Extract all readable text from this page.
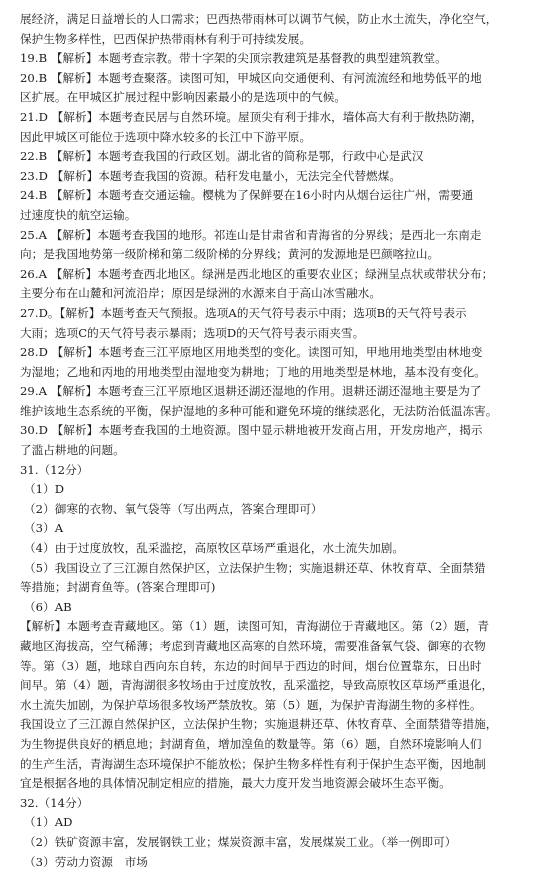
展经济，满足日益增长的人口需求；巴西热带雨林可以调节气候，防止水土流失，净化空气，

保护生物多样性，巴西保护热带雨林有利于可持续发展。

19.B 【解析】本题考查宗教。带十字架的尖顶宗教建筑是基督教的典型建筑教堂。

20.B 【解析】本题考查聚落。读图可知，甲城区向交通便利、有河流流经和地势低平的地

区扩展。在甲城区扩展过程中影响因素最小的是选项中的气候。

21.D 【解析】本题考查民居与自然环境。屋顶尖有利于排水，墙体高大有利于散热防潮，

因此甲城区可能位于选项中降水较多的长江中下游平原。

22.B 【解析】本题考查我国的行政区划。湖北省的简称是鄂，行政中心是武汉

23.D 【解析】本题考查我国的资源。秸秆发电量小，无法完全代替燃煤。

24.B 【解析】本题考查交通运输。樱桃为了保鲜要在16小时内从烟台运往广州，需要通

过速度快的航空运输。

25.A 【解析】本题考查我国的地形。祁连山是甘肃省和青海省的分界线；是西北一东南走

向；是我国地势第一级阶梯和第二级阶梯的分界线；黄河的发源地是巴颜喀拉山。

26.A 【解析】本题考查西北地区。绿洲是西北地区的重要农业区；绿洲呈点状或带状分布；

主要分布在山麓和河流沿岸；原因是绿洲的水源来自于高山冰雪融水。

27.D。【解析】本题考查天气预报。选项A的天气符号表示中雨；选项B的天气符号表示

大雨；选项C的天气符号表示暴雨；选项D的天气符号表示雨夹雪。

28.D 【解析】本题考查三江平原地区用地类型的变化。读图可知，甲地用地类型由林地变

为湿地；乙地和丙地的用地类型由湿地变为耕地；丁地的用地类型是林地，基本没有变化。

29.A 【解析】本题考查三江平原地区退耕还湖还湿地的作用。退耕还湖还湿地主要是为了

维护该地生态系统的平衡，保护湿地的多种可能和避免环境的继续恶化，无法防治低温冻害。

30.D 【解析】本题考查我国的土地资源。图中显示耕地被开发商占用，开发房地产，揭示

了滥占耕地的问题。

31.（12分）

（1）D

（2）御寒的衣物、氧气袋等（写出两点，答案合理即可）

（3）A

（4）由于过度放牧，乱采滥挖，高原牧区草场严重退化，水土流失加剧。

（5）我国设立了三江源自然保护区，立法保护生物；实施退耕还草、休牧育草、全面禁猎

等措施；封湖育鱼等。(答案合理即可)

（6）AB

【解析】本题考查青藏地区。第（1）题，读图可知，青海湖位于青藏地区。第（2）题，青

藏地区海拔高，空气稀薄；考虑到青藏地区高寒的自然环境，需要准备氧气袋、御寒的衣物

等。第（3）题，地球自西向东自转，东边的时间早于西边的时间，烟台位置靠东，日出时

间早。第（4）题，青海湖很多牧场由于过度放牧，乱采滥挖，导致高原牧区草场严重退化，

水土流失加剧，为保护草场很多牧场严禁放牧。第（5）题，为保护青海湖生物的多样性。

我国设立了三江源自然保护区，立法保护生物；实施退耕还草、休牧育草、全面禁猎等措施，

为生物提供良好的栖息地；封湖育鱼，增加湟鱼的数量等。第（6）题，自然环境影响人们

的生产生活，青海湖生态环境保护不能放松；保护生物多样性有利于保护生态平衡，因地制

宜是根据各地的具体情况制定相应的措施，最大力度开发当地资源会破坏生态平衡。

32.（14分）

（1）AD

（2）铁矿资源丰富，发展钢铁工业；煤炭资源丰富，发展煤炭工业。（举一例即可）

（3）劳动力资源　市场
